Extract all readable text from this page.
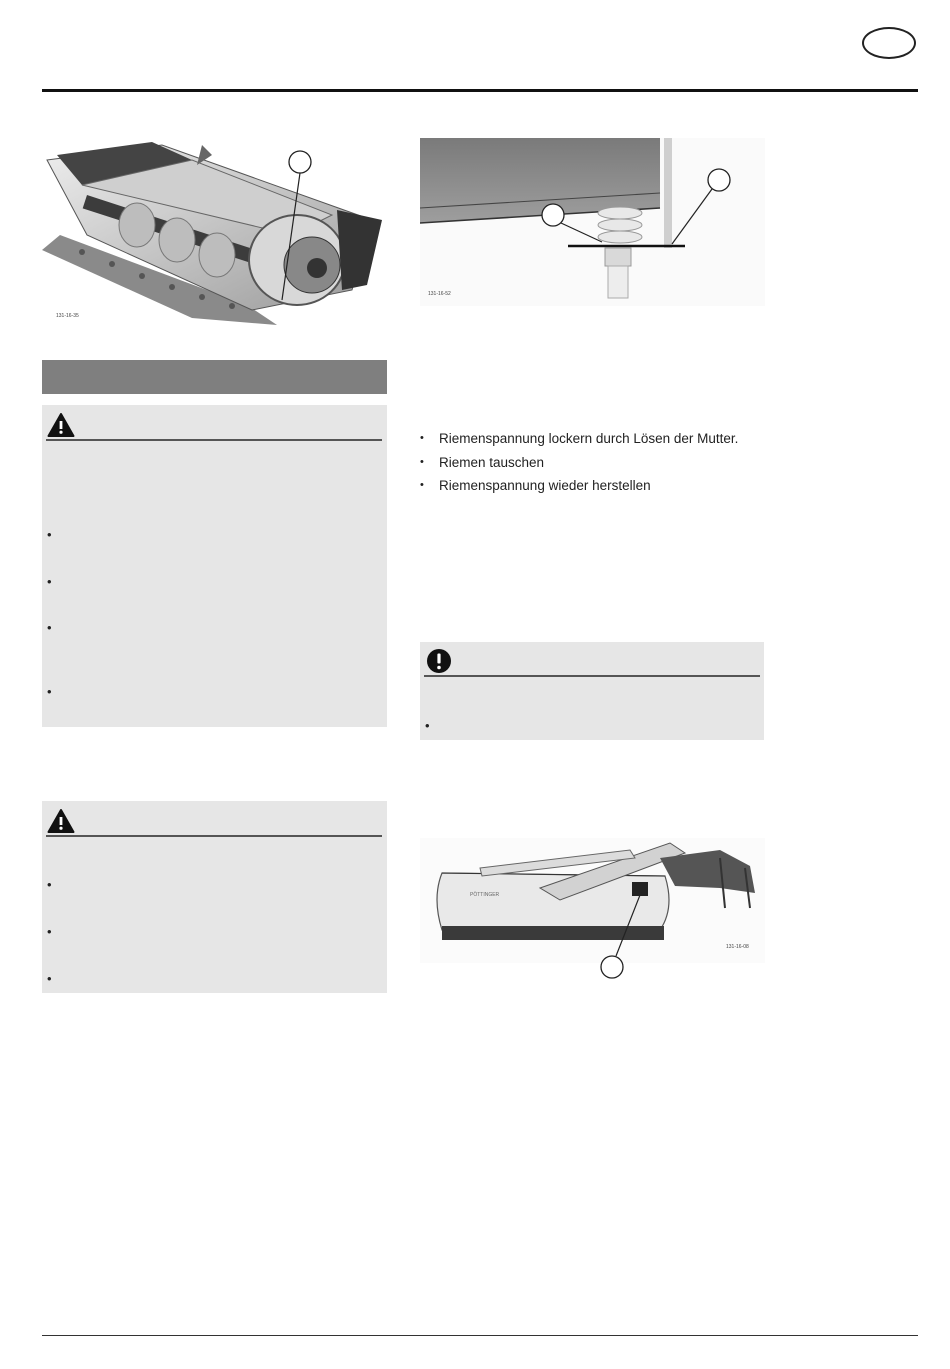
131-16-35
131-16-52
•
•
•
•
•
•
•
• Riemenspannung lockern durch Lösen der Mutter.
• Riemen tauschen
• Riemenspannung wieder herstellen
•
PÖTTINGER
131-16-08
